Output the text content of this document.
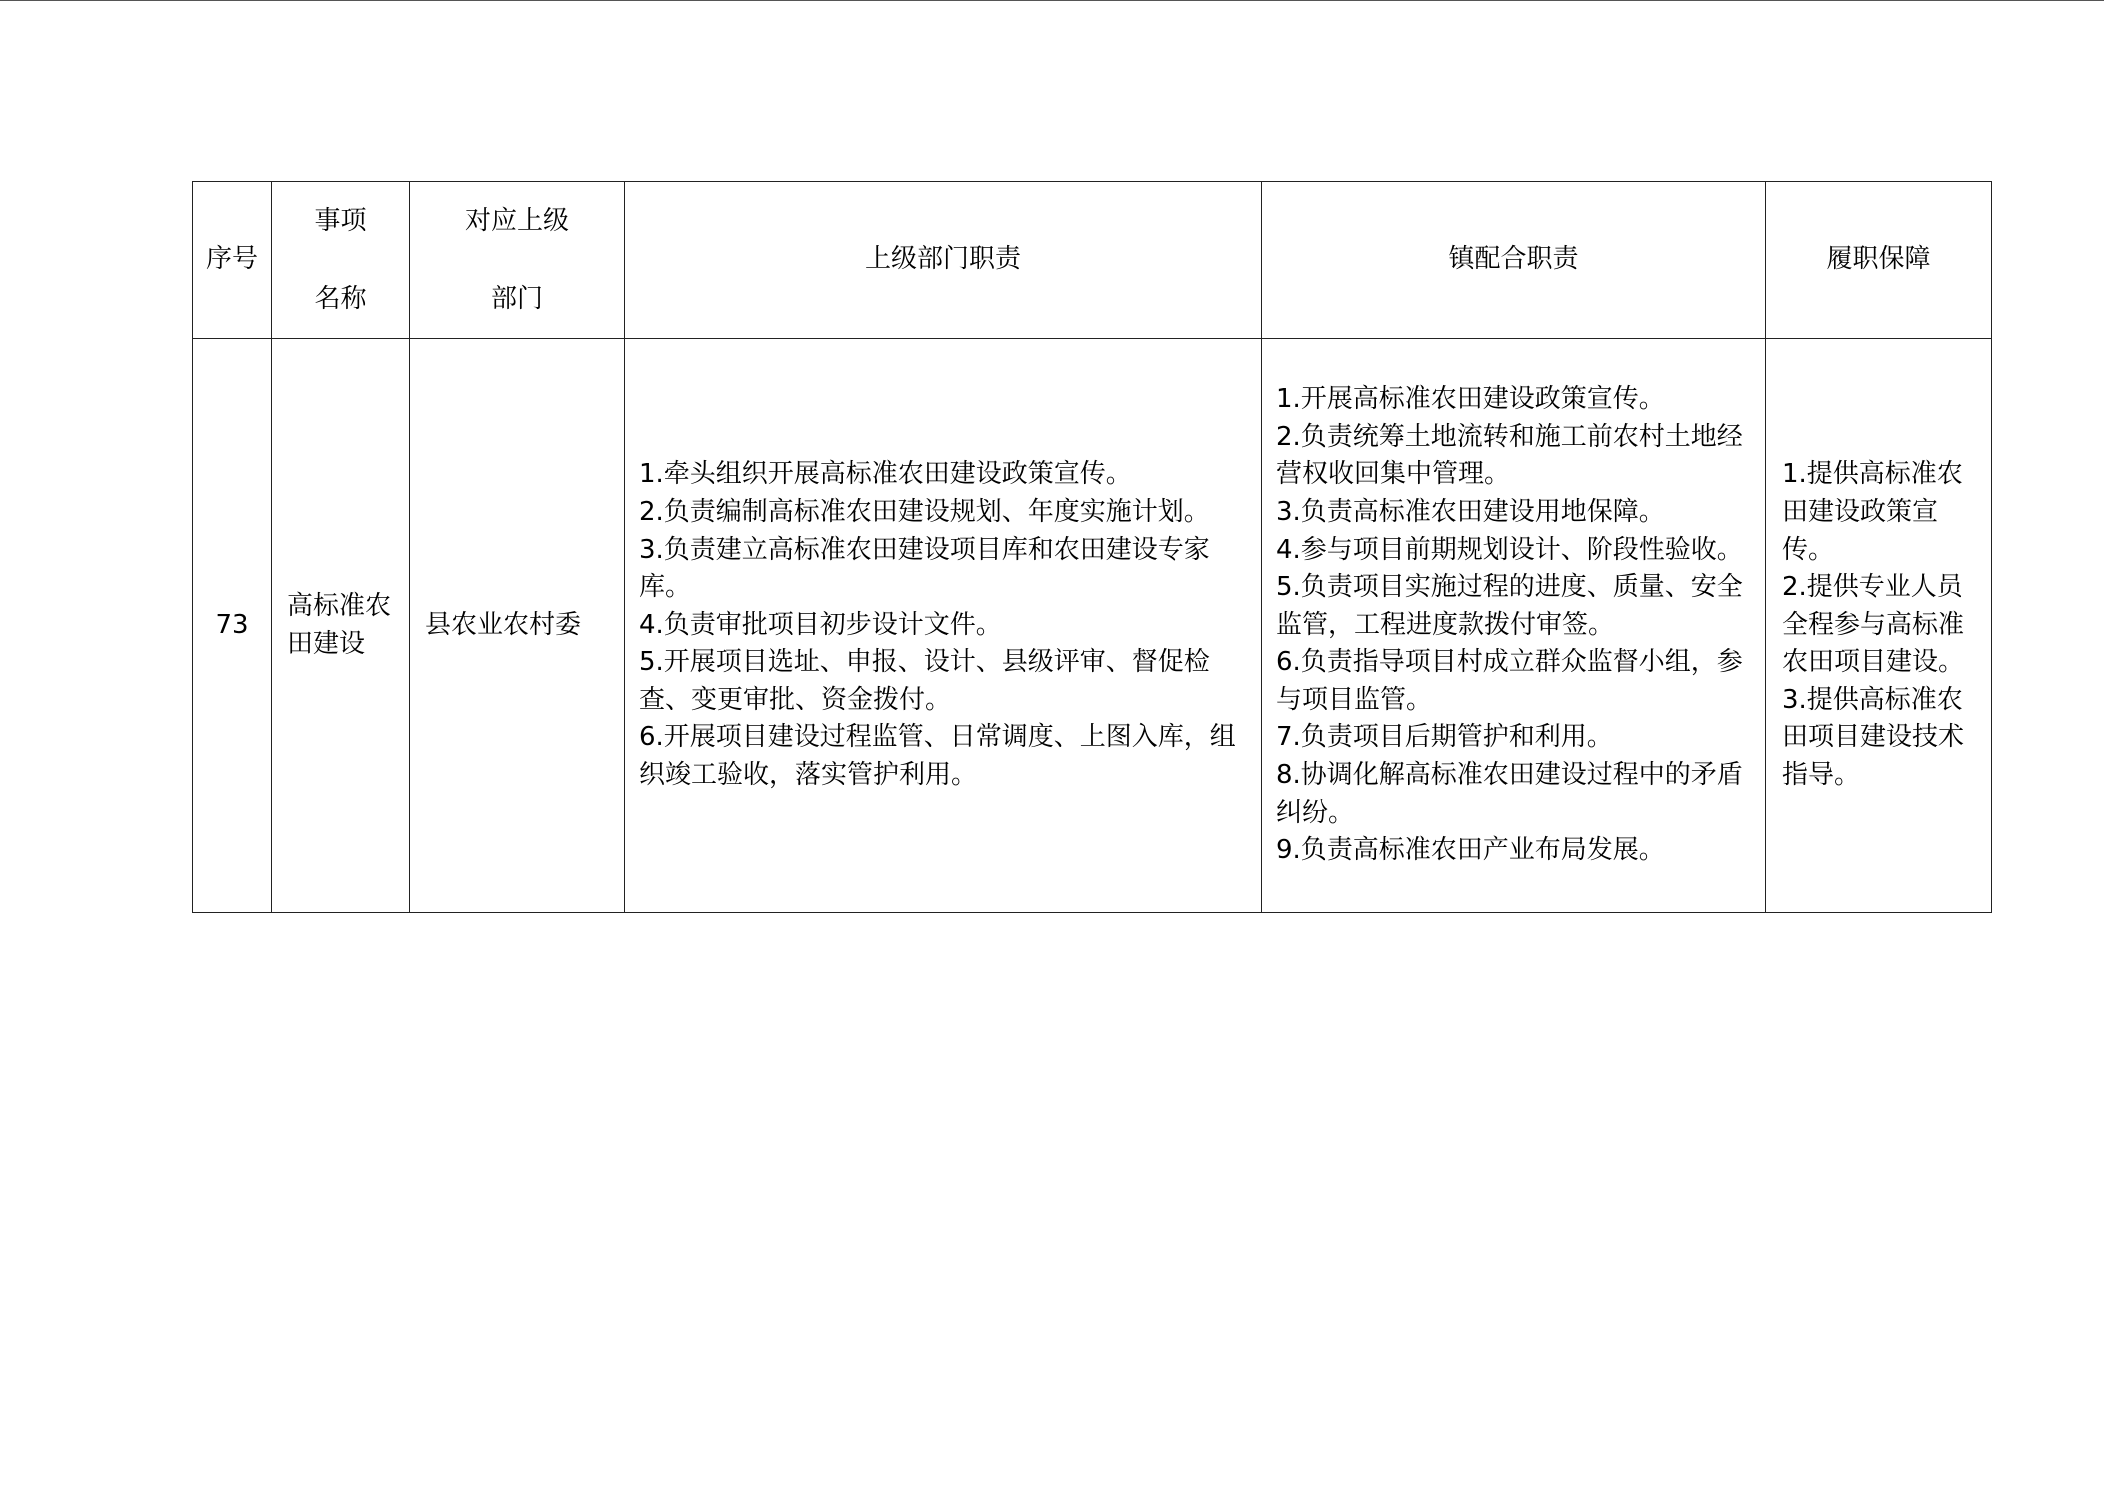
序号
事项
名称
对应上级
部门
上级部门职责	镇配合职责	履职保障
73
高标准农田建设
县农业农村委
1.牵头组织开展高标准农田建设政策宣传。
2.负责编制高标准农田建设规划、年度实施计划。
3.负责建立高标准农田建设项目库和农田建设专家库。
4.负责审批项目初步设计文件。
5.开展项目选址、申报、设计、县级评审、督促检查、变更审批、资金拨付。
6.开展项目建设过程监管、日常调度、上图入库，组织竣工验收，落实管护利用。
1.开展高标准农田建设政策宣传。
2.负责统筹土地流转和施工前农村土地经营权收回集中管理。
3.负责高标准农田建设用地保障。
4.参与项目前期规划设计、阶段性验收。
5.负责项目实施过程的进度、质量、安全监管，工程进度款拨付审签。
6.负责指导项目村成立群众监督小组，参与项目监管。
7.负责项目后期管护和利用。
8.协调化解高标准农田建设过程中的矛盾纠纷。
9.负责高标准农田产业布局发展。
1.提供高标准农田建设政策宣传。
2.提供专业人员全程参与高标准农田项目建设。
3.提供高标准农田项目建设技术指导。
